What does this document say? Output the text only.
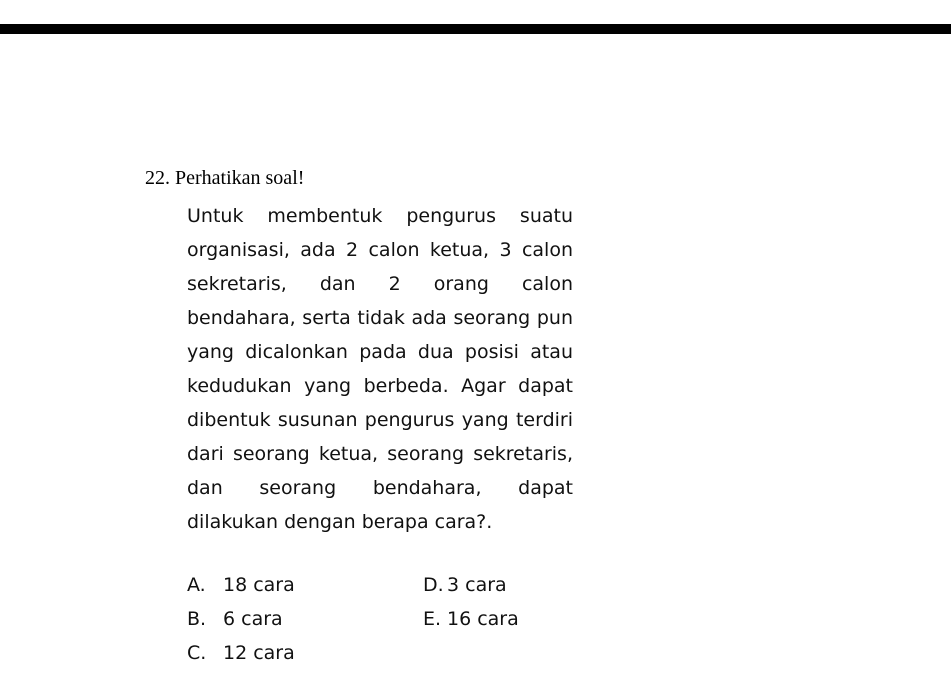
22. Perhatikan soal!

Untuk membentuk pengurus suatu organisasi, ada 2 calon ketua, 3 calon sekretaris, dan 2 orang calon bendahara, serta tidak ada seorang pun yang dicalonkan pada dua posisi atau kedudukan yang berbeda. Agar dapat dibentuk susunan pengurus yang terdiri dari seorang ketua, seorang sekretaris, dan seorang bendahara, dapat dilakukan dengan berapa cara?.

A. 18 cara	D. 3 cara
B. 6 cara	E. 16 cara
C. 12 cara
